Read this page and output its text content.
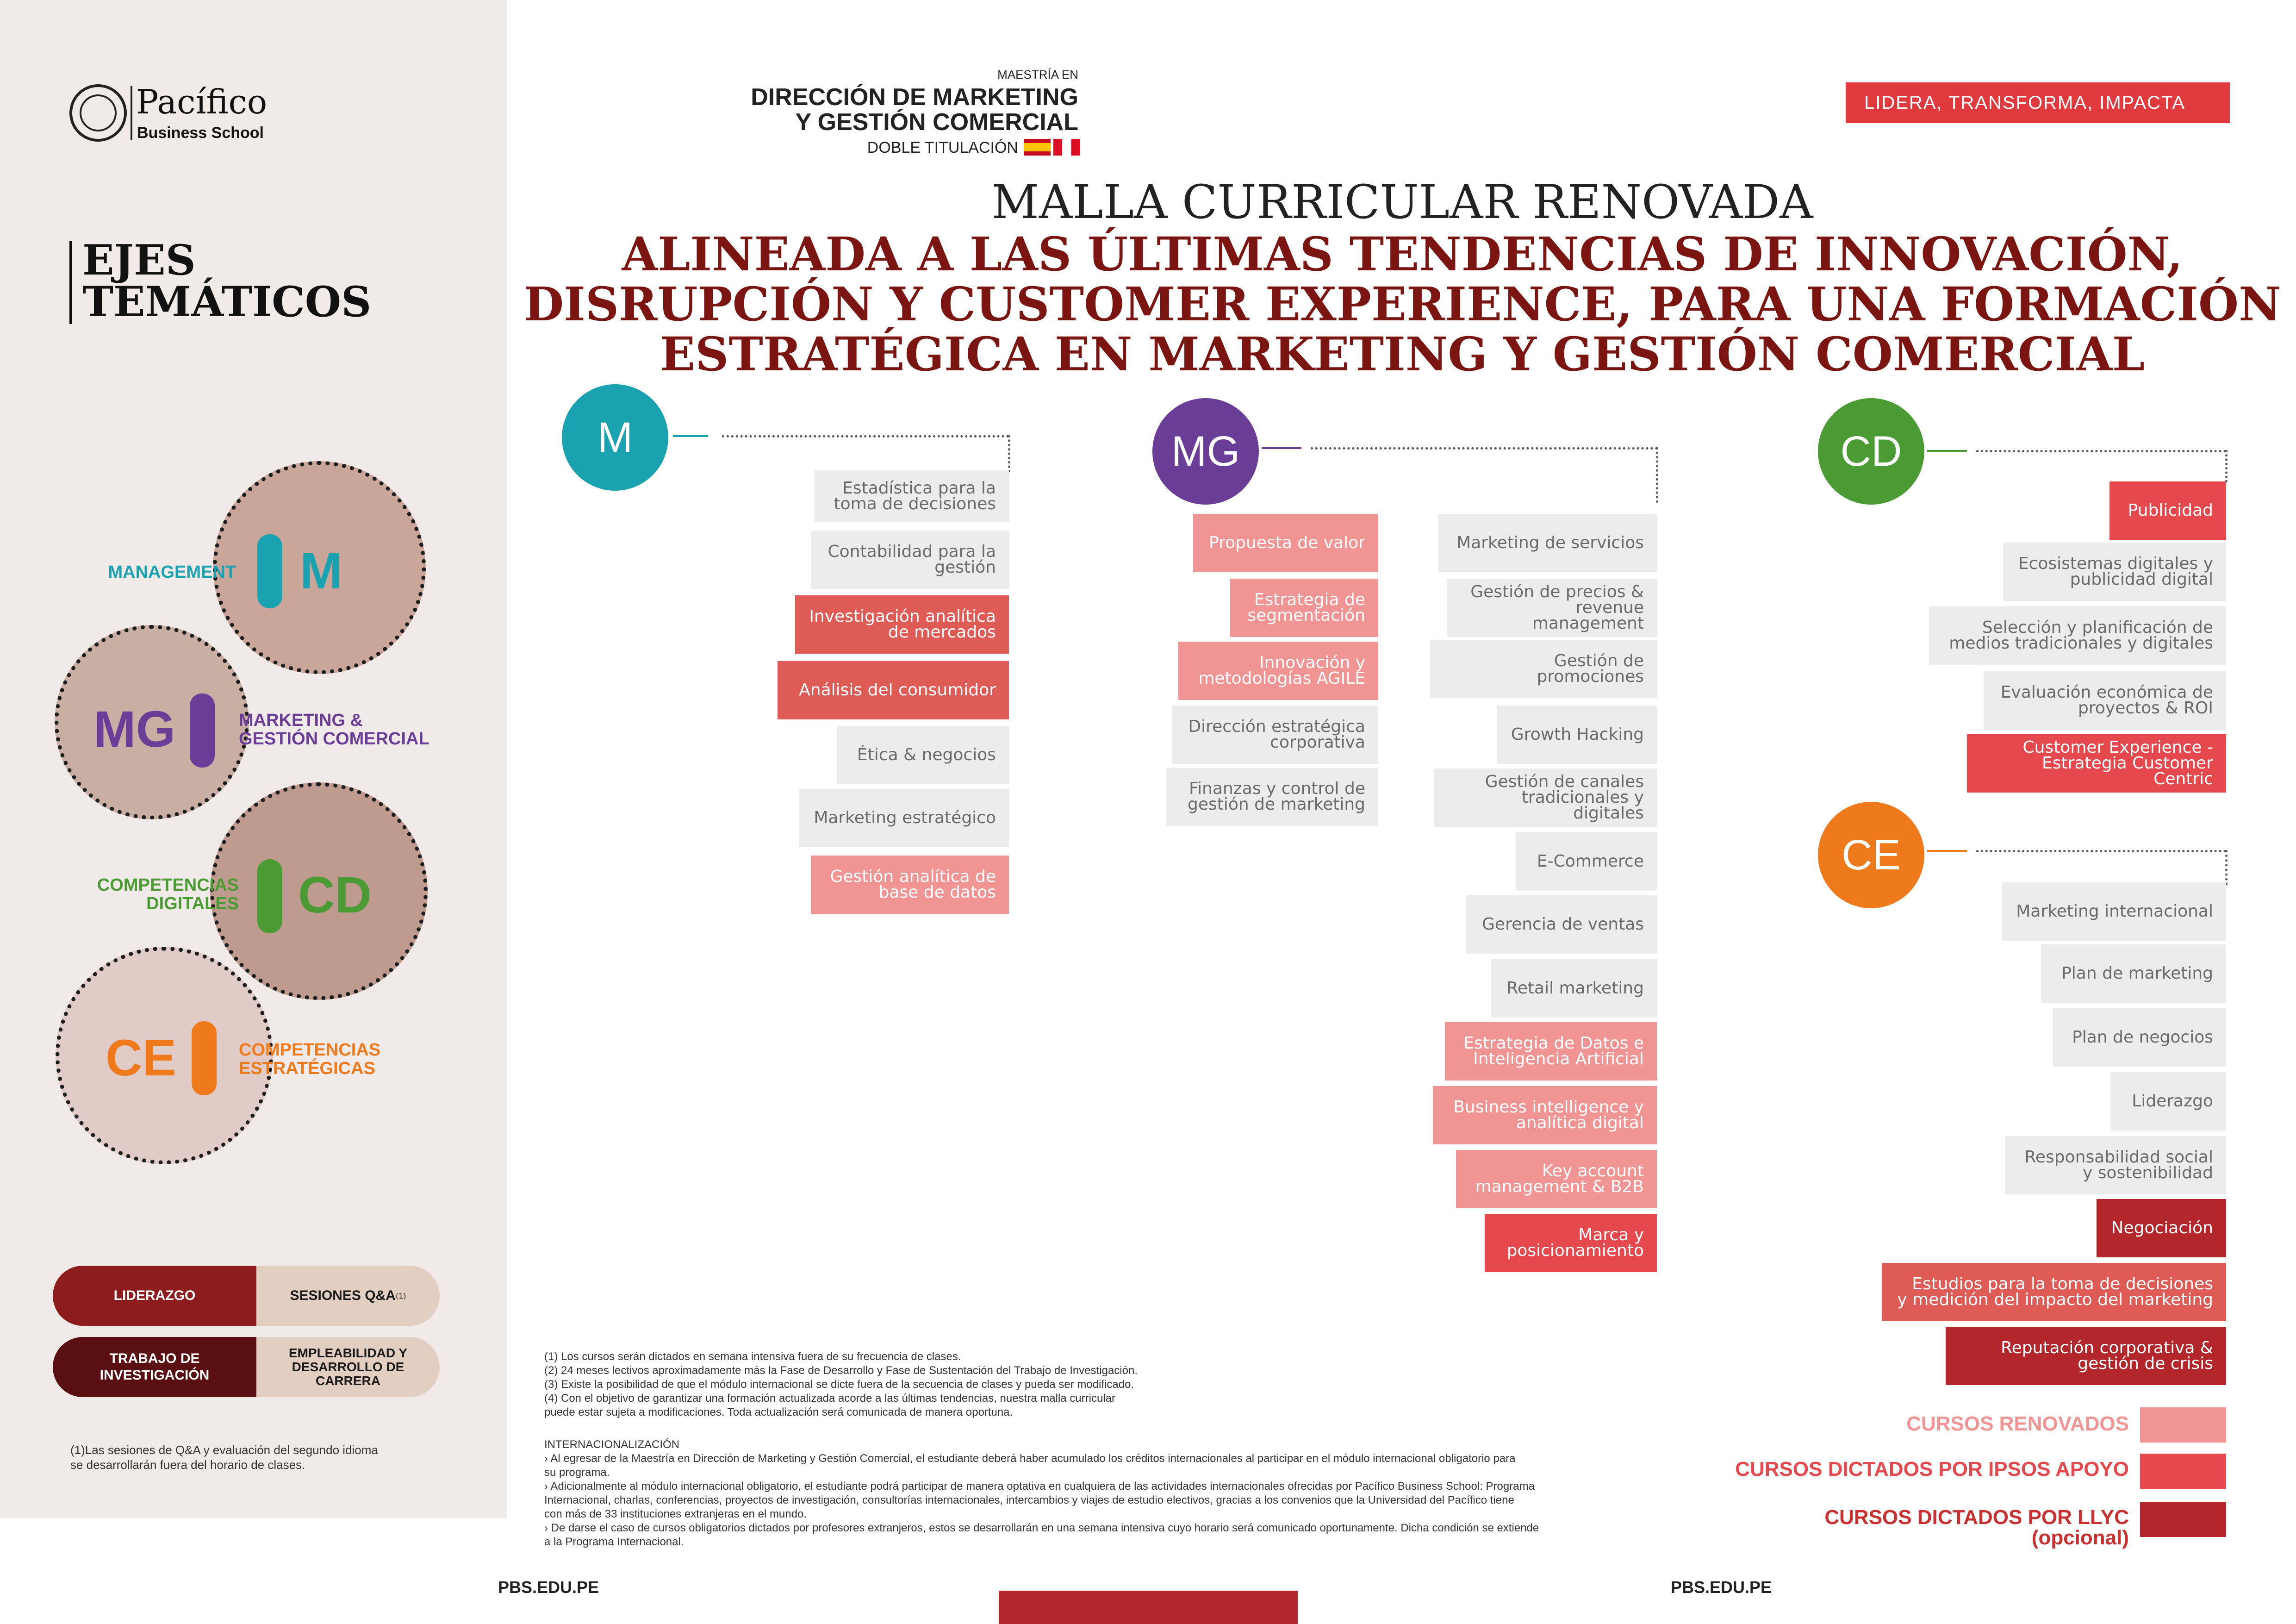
Pacífico
Business School
EJES
TEMÁTICOS
M
MANAGEMENT
MG	MARKETING &
GESTIÓN COMERCIAL
CD
COMPETENCIAS
DIGITALES
CE	COMPETENCIAS
ESTRATÉGICAS
LIDERAZGO	SESIONES Q&A (1)
TRABAJO DE
INVESTIGACIÓN
EMPLEABILIDAD Y
DESARROLLO DE
CARRERA
(1)Las sesiones de Q&A y evaluación del segundo idioma
se desarrollarán fuera del horario de clases.
MAESTRÍA EN
DIRECCIÓN DE MARKETING
Y GESTIÓN COMERCIAL
DOBLE TITULACIÓN
LIDERA, TRANSFORMA, IMPACTA
MALLA CURRICULAR RENOVADA
ALINEADA A LAS ÚLTIMAS TENDENCIAS DE INNOVACIÓN,
DISRUPCIÓN Y CUSTOMER EXPERIENCE, PARA UNA FORMACIÓN
ESTRATÉGICA EN MARKETING Y GESTIÓN COMERCIAL
M	MG	CD
CE
Estadística para la
toma de decisiones
Contabilidad para la
gestión
Investigación analítica
de mercados
Análisis del consumidor
Ética & negocios
Marketing estratégico
Gestión analítica de
base de datos
Propuesta de valor
Estrategia de
segmentación
Innovación y
metodologías AGILE
Dirección estratégica
corporativa
Finanzas y control de
gestión de marketing
Marketing de servicios
Gestión de precios &
revenue management
Gestión de promociones
Growth Hacking
Gestión de canales
tradicionales y digitales
E-Commerce
Gerencia de ventas
Retail marketing
Estrategia de Datos e
Inteligencia Artificial
Business intelligence y
analítica digital
Key account
management & B2B
Marca y
posicionamiento
Publicidad
Ecosistemas digitales y
publicidad digital
Selección y planificación de
medios tradicionales y digitales
Evaluación económica de
proyectos & ROI
Customer Experience -
Estrategia Customer Centric
Marketing internacional
Plan de marketing
Plan de negocios
Liderazgo
Responsabilidad social
y sostenibilidad
Negociación
Estudios para la toma de decisiones
y medición del impacto del marketing
Reputación corporativa &
gestión de crisis
(1) Los cursos serán dictados en semana intensiva fuera de su frecuencia de clases.
(2) 24 meses lectivos aproximadamente más la Fase de Desarrollo y Fase de Sustentación del Trabajo de Investigación.
(3) Existe la posibilidad de que el módulo internacional se dicte fuera de la secuencia de clases y pueda ser modificado.
(4) Con el objetivo de garantizar una formación actualizada acorde a las últimas tendencias, nuestra malla curricular
puede estar sujeta a modificaciones. Toda actualización será comunicada de manera oportuna.
INTERNACIONALIZACIÓN
› Al egresar de la Maestría en Dirección de Marketing y Gestión Comercial, el estudiante deberá haber acumulado los créditos internacionales al participar en el módulo internacional obligatorio para
su programa.
› Adicionalmente al módulo internacional obligatorio, el estudiante podrá participar de manera optativa en cualquiera de las actividades internacionales ofrecidas por Pacífico Business School: Programa
Internacional, charlas, conferencias, proyectos de investigación, consultorías internacionales, intercambios y viajes de estudio electivos, gracias a los convenios que la Universidad del Pacífico tiene
con más de 33 instituciones extranjeras en el mundo.
› De darse el caso de cursos obligatorios dictados por profesores extranjeros, estos se desarrollarán en una semana intensiva cuyo horario será comunicado oportunamente. Dicha condición se extiende
a la Programa Internacional.
CURSOS RENOVADOS
CURSOS DICTADOS POR IPSOS APOYO
CURSOS DICTADOS POR LLYC
(opcional)
PBS.EDU.PE	PBS.EDU.PE
